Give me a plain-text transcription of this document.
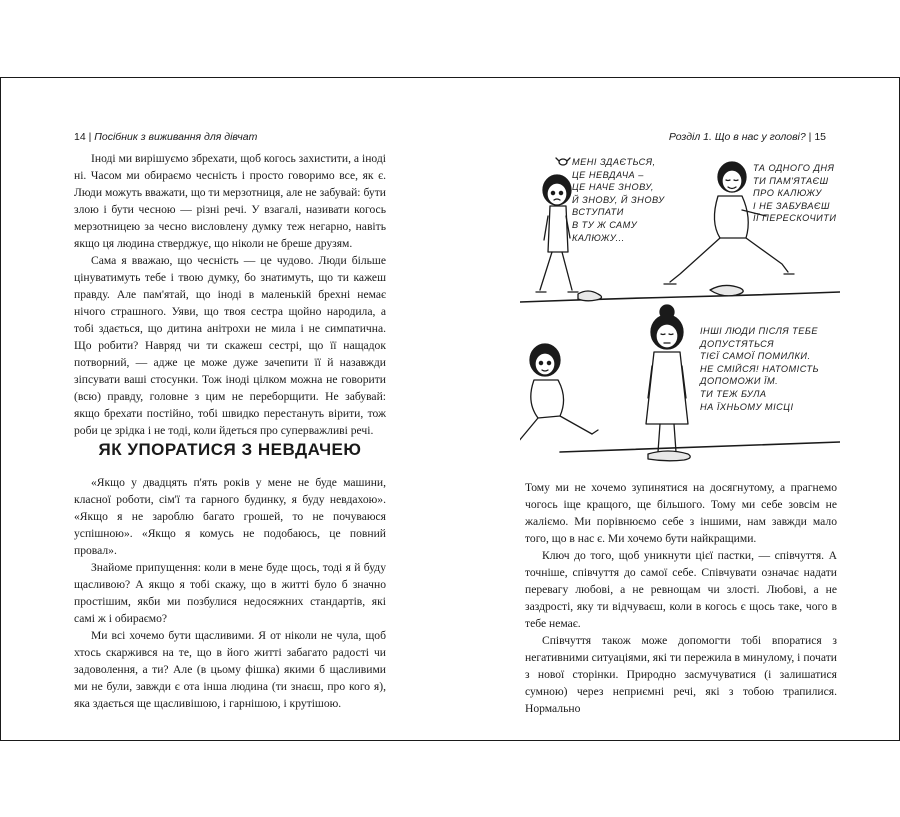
14 | Посібник з виживання для дівчат	Розділ 1. Що в нас у голові? | 15

Іноді ми вирішуємо збрехати, щоб когось захистити, а іноді ні. Часом ми обираємо чесність і просто говоримо все, як є. Люди можуть вважати, що ти мерзотниця, але не забувай: бути злою і бути чесною — різні речі. У взагалі, називати когось мерзотницею за чесно висловлену думку теж негарно, навіть якщо ця людина стверджує, що ніколи не бреше друзям.

Сама я вважаю, що чесність — це чудово. Люди більше цінуватимуть тебе і твою думку, бо знатимуть, що ти кажеш правду. Але пам'ятай, що іноді в маленькій брехні немає нічого страшного. Уяви, що твоя сестра щойно народила, а тобі здається, що дитина анітрохи не мила і не симпатична. Що робити? Навряд чи ти скажеш сестрі, що її нащадок потворний, — адже це може дуже зачепити її й назавжди зіпсувати ваші стосунки. Тож іноді цілком можна не говорити (всю) правду, головне з цим не переборщити. Не забувай: якщо брехати постійно, тобі швидко перестануть вірити, тож роби це зрідка і не тоді, коли йдеться про суперважливі речі.

ЯК УПОРАТИСЯ З НЕВДАЧЕЮ

«Якщо у двадцять п'ять років у мене не буде машини, класної роботи, сім'ї та гарного будинку, я буду невдахою». «Якщо я не зароблю багато грошей, то не почуваюся успішною». «Якщо я комусь не подобаюсь, це повний провал».

Знайоме припущення: коли в мене буде щось, тоді я й буду щасливою? А якщо я тобі скажу, що в житті було б значно простішим, якби ми позбулися недосяжних стандартів, які самі ж і обираємо?

Ми всі хочемо бути щасливими. Я от ніколи не чула, щоб хтось скаржився на те, що в його житті забагато радості чи задоволення, а ти? Але (в цьому фішка) якими б щасливими ми не були, завжди є ота інша людина (ти знаєш, про кого я), яка здається ще щасливішою, і гарнішою, і крутішою.

МЕНІ ЗДАЄТЬСЯ,
ЦЕ НЕВДАЧА –
ЦЕ НАЧЕ ЗНОВУ,
Й ЗНОВУ, Й ЗНОВУ
ВСТУПАТИ
В ТУ Ж САМУ
КАЛЮЖУ...
ТА ОДНОГО ДНЯ
ТИ ПАМ'ЯТАЄШ
ПРО КАЛЮЖУ
І НЕ ЗАБУВАЄШ
ЇЇ ПЕРЕСКОЧИТИ
ІНШІ ЛЮДИ ПІСЛЯ ТЕБЕ
ДОПУСТЯТЬСЯ
ТІЄЇ САМОЇ ПОМИЛКИ.
НЕ СМІЙСЯ! НАТОМІСТЬ
ДОПОМОЖИ ЇМ.
ТИ ТЕЖ БУЛА
НА ЇХНЬОМУ МІСЦІ

Тому ми не хочемо зупинятися на досягнутому, а прагнемо чогось іще кращого, ще більшого. Тому ми себе зовсім не жаліємо. Ми порівнюємо себе з іншими, нам завжди мало того, що в нас є. Ми хочемо бути найкращими.

Ключ до того, щоб уникнути цієї пастки, — співчуття. А точніше, співчуття до самої себе. Співчувати означає надати перевагу любові, а не ревнощам чи злості. Любові, а не заздрості, яку ти відчуваєш, коли в когось є щось таке, чого в тебе немає.

Співчуття також може допомогти тобі впоратися з негативними ситуаціями, які ти пережила в минулому, і почати з нової сторінки. Природно засмучуватися (і залишатися сумною) через неприємні речі, які з тобою трапилися. Нормально
